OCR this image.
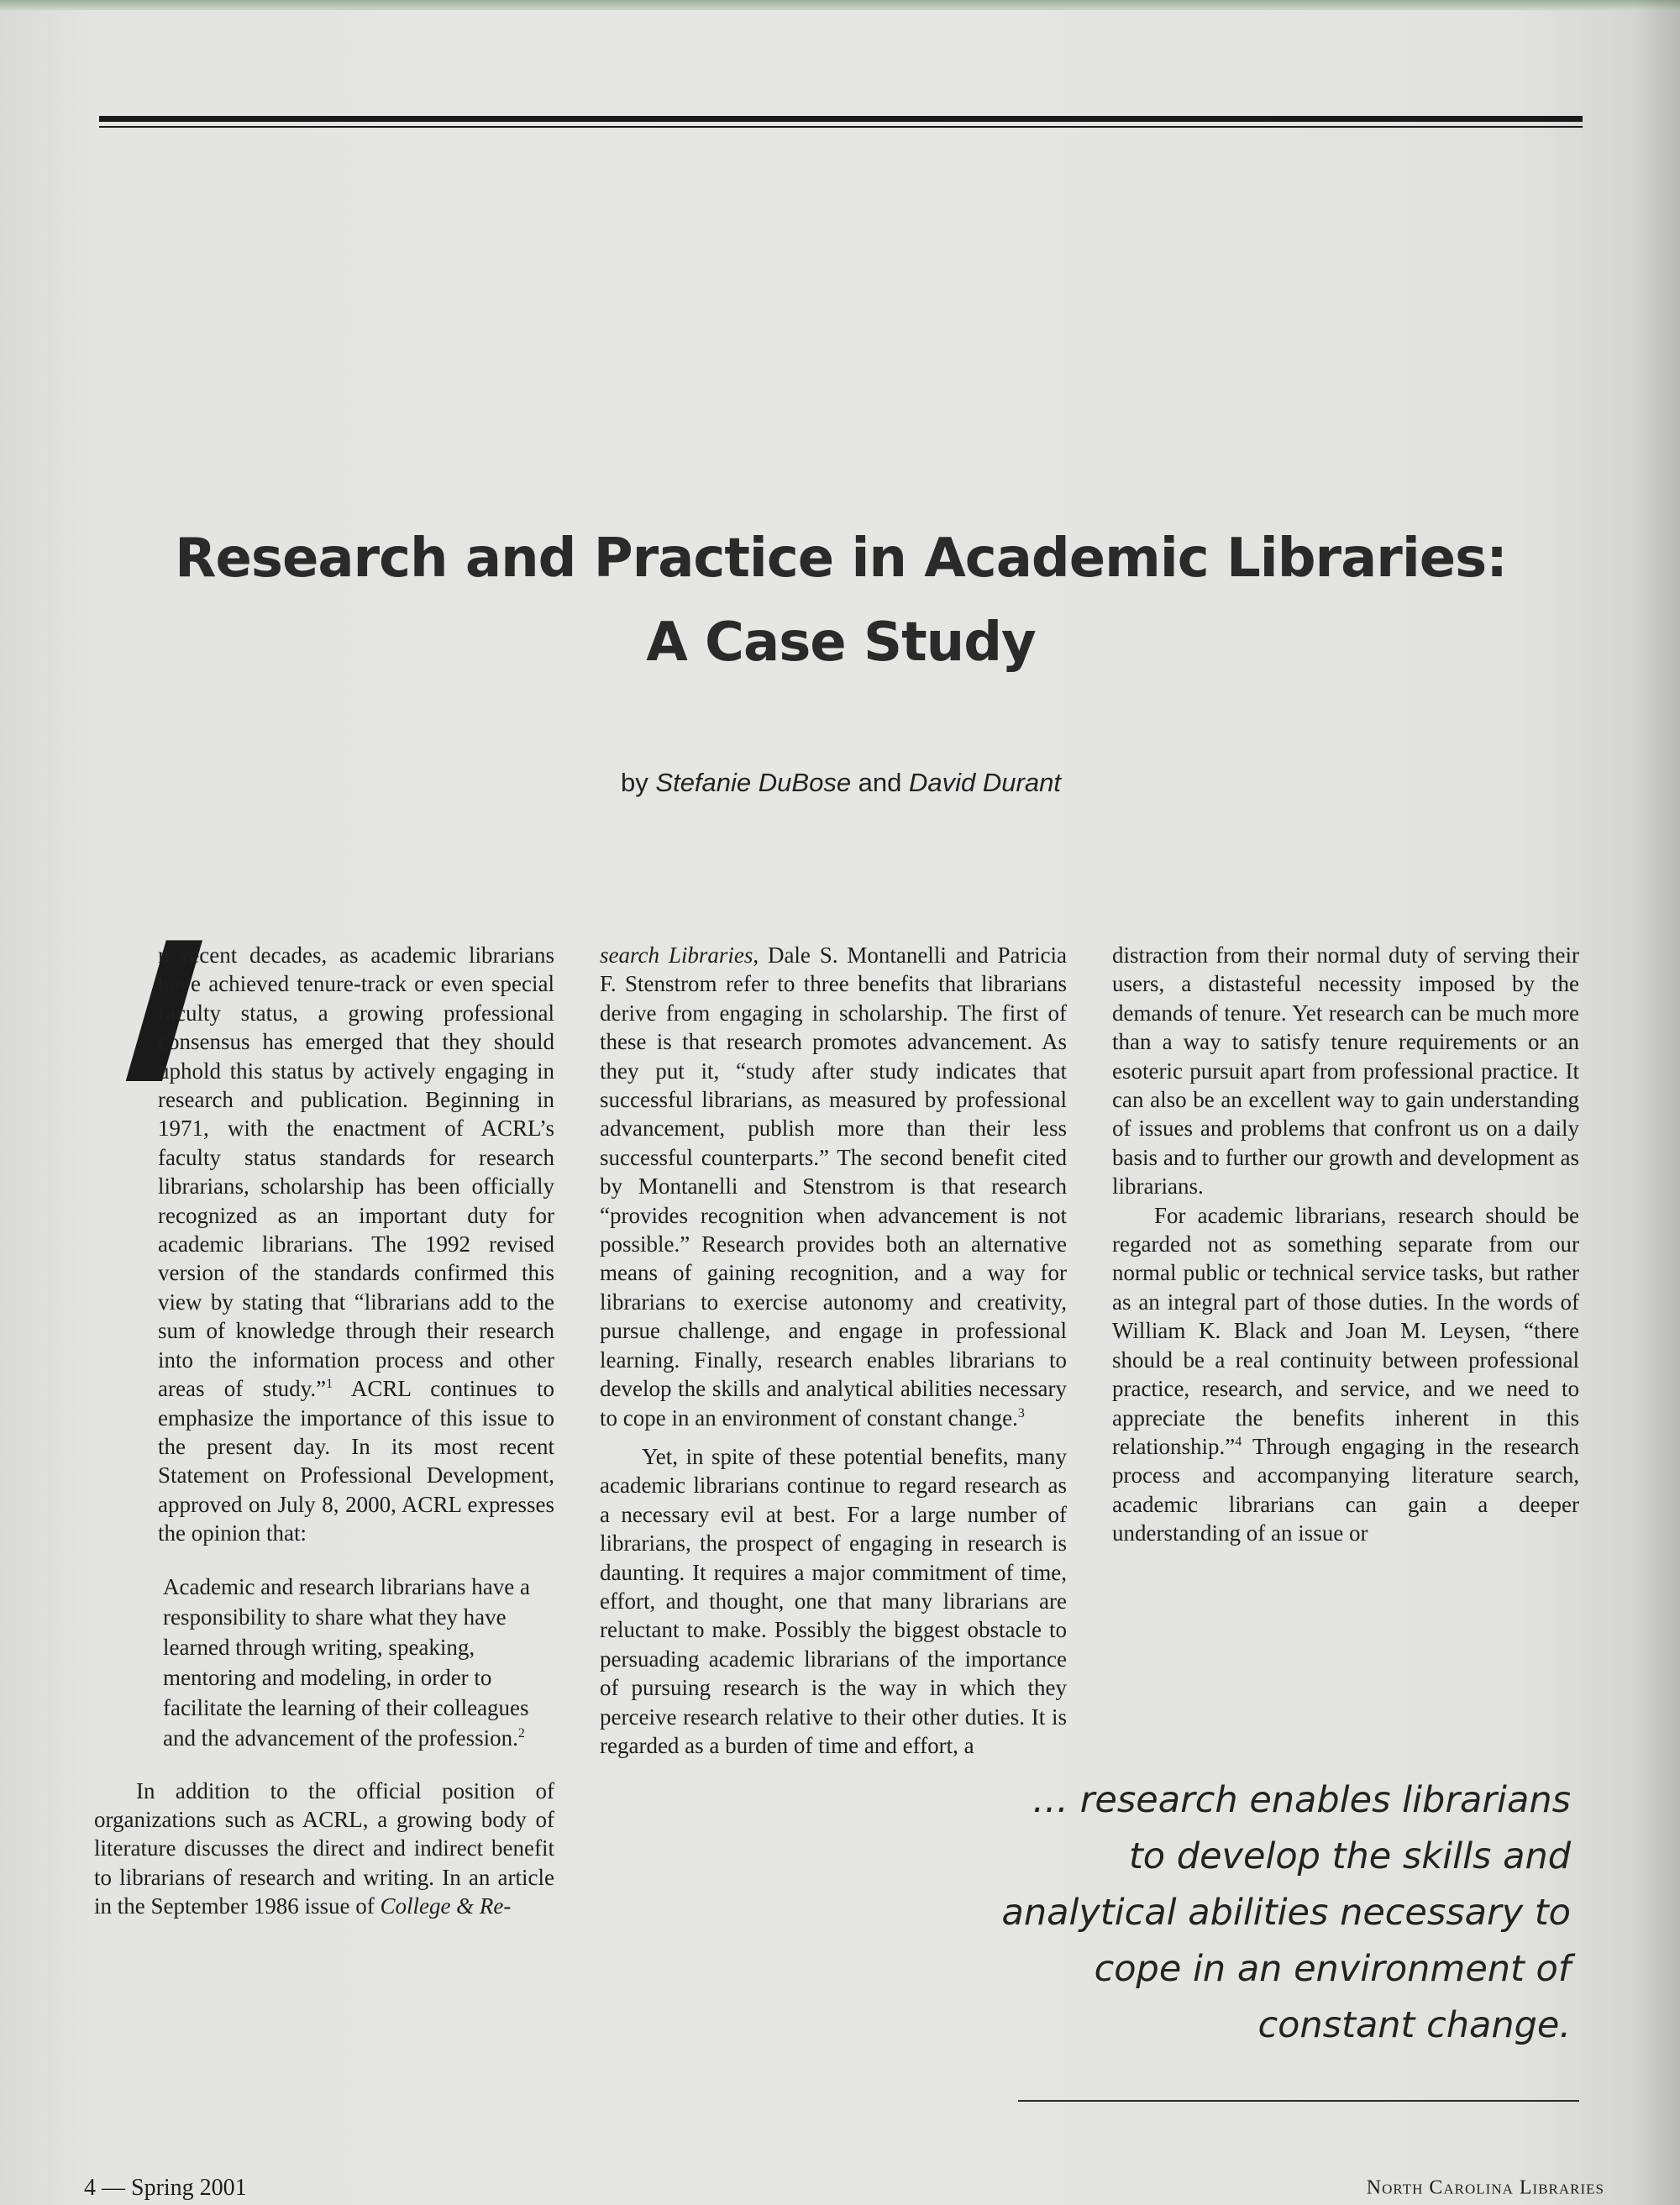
Research and Practice in Academic Libraries:
A Case Study
by Stefanie DuBose and David Durant
I

n recent decades, as academic librarians have achieved tenure-track or even special faculty status, a growing professional consensus has emerged that they should uphold this status by actively engaging in research and publication. Beginning in 1971, with the enactment of ACRL’s faculty status standards for research librarians, scholarship has been officially recognized as an important duty for academic librarians. The 1992 revised version of the standards confirmed this view by stating that “librarians add to the sum of knowledge through their research into the information process and other areas of study.”$^1$ ACRL continues to emphasize the importance of this issue to the present day. In its most recent Statement on Professional Development, approved on July 8, 2000, ACRL expresses the opinion that:

Academic and research librarians have a responsibility to share what they have learned through writing, speaking, mentoring and modeling, in order to facilitate the learning of their colleagues and the advancement of the profession.$^2$

In addition to the official position of organizations such as ACRL, a growing body of literature discusses the direct and indirect benefit to librarians of research and writing. In an article in the September 1986 issue of College & Re-

search Libraries, Dale S. Montanelli and Patricia F. Stenstrom refer to three benefits that librarians derive from engaging in scholarship. The first of these is that research promotes advancement. As they put it, “study after study indicates that successful librarians, as measured by professional advancement, publish more than their less successful counterparts.” The second benefit cited by Montanelli and Stenstrom is that research “provides recognition when advancement is not possible.” Research provides both an alternative means of gaining recognition, and a way for librarians to exercise autonomy and creativity, pursue challenge, and engage in professional learning. Finally, research enables librarians to develop the skills and analytical abilities necessary to cope in an environment of constant change.$^3$

Yet, in spite of these potential benefits, many academic librarians continue to regard research as a necessary evil at best. For a large number of librarians, the prospect of engaging in research is daunting. It requires a major commitment of time, effort, and thought, one that many librarians are reluctant to make. Possibly the biggest obstacle to persuading academic librarians of the importance of pursuing research is the way in which they perceive research relative to their other duties. It is regarded as a burden of time and effort, a

distraction from their normal duty of serving their users, a distasteful necessity imposed by the demands of tenure. Yet research can be much more than a way to satisfy tenure requirements or an esoteric pursuit apart from professional practice. It can also be an excellent way to gain understanding of issues and problems that confront us on a daily basis and to further our growth and development as librarians.

For academic librarians, research should be regarded not as something separate from our normal public or technical service tasks, but rather as an integral part of those duties. In the words of William K. Black and Joan M. Leysen, “there should be a real continuity between professional practice, research, and service, and we need to appreciate the benefits inherent in this relationship.”$^4$ Through engaging in the research process and accompanying literature search, academic librarians can gain a deeper understanding of an issue or

… research enables librarians to develop the skills and analytical abilities necessary to cope in an environment of constant change.
4 — Spring 2001	North Carolina Libraries
